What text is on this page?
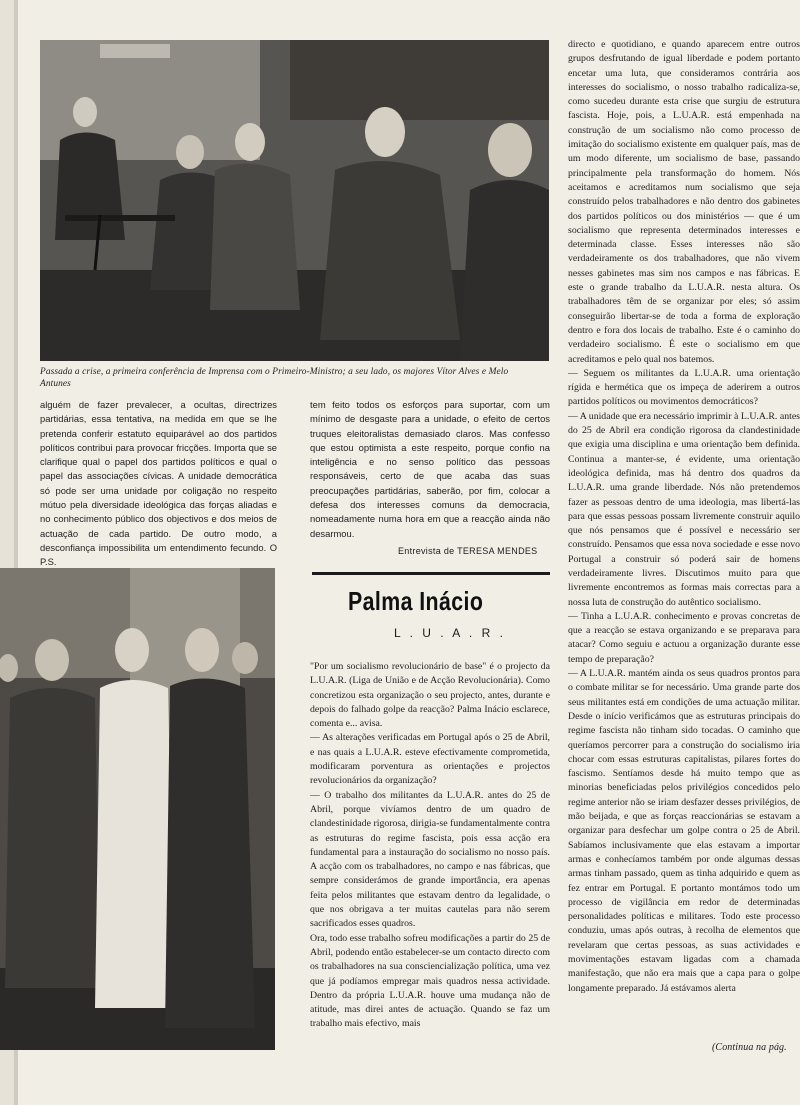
Passada a crise, a primeira conferência de Imprensa com o Primeiro-Ministro; a seu lado, os majores Vítor Alves e Melo Antunes
alguém de fazer prevalecer, a ocultas, directrizes partidárias, essa tentativa, na medida em que se lhe pretenda conferir estatuto equiparável ao dos partidos políticos contribui para provocar fricções. Importa que se clarifique qual o papel dos partidos políticos e qual o papel das associações cívicas. A unidade democrática só pode ser uma unidade por coligação no respeito mútuo pela diversidade ideológica das forças aliadas e no conhecimento público dos objectivos e dos meios de actuação de cada partido. De outro modo, a desconfiança impossibilita um entendimento fecundo. O P.S.
tem feito todos os esforços para suportar, com um mínimo de desgaste para a unidade, o efeito de certos truques eleitoralistas demasiado claros. Mas confesso que estou optimista a este respeito, porque confio na inteligência e no senso político das pessoas responsáveis, certo de que acaba das suas preocupações partidárias, saberão, por fim, colocar a defesa dos interesses comuns da democracia, nomeadamente numa hora em que a reacção ainda não desarmou.
Entrevista de TERESA MENDES
Palma Inácio
L . U . A . R .
"Por um socialismo revolucionário de base" é o projecto da L.U.A.R. (Liga de União e de Acção Revolucionária). Como concretizou esta organização o seu projecto, antes, durante e depois do falhado golpe da reacção? Palma Inácio esclarece, comenta e... avisa.
— As alterações verificadas em Portugal após o 25 de Abril, e nas quais a L.U.A.R. esteve efectivamente comprometida, modificaram porventura as orientações e projectos revolucionários da organização?
— O trabalho dos militantes da L.U.A.R. antes do 25 de Abril, porque vivíamos dentro de um quadro de clandestinidade rigorosa, dirigia-se fundamentalmente contra as estruturas do regime fascista, pois essa acção era fundamental para a instauração do socialismo no nosso país. A acção com os trabalhadores, no campo e nas fábricas, que sempre considerámos de grande importância, era apenas feita pelos militantes que estavam dentro da legalidade, o que nos obrigava a ter muitas cautelas para não serem sacrificados esses quadros.
Ora, todo esse trabalho sofreu modificações a partir do 25 de Abril, podendo então estabelecer-se um contacto directo com os trabalhadores na sua consciencialização política, uma vez que já podíamos empregar mais quadros nessa actividade. Dentro da própria L.U.A.R. houve uma mudança não de atitude, mas direi antes de actuação. Quando se faz um trabalho mais efectivo, mais
directo e quotidiano, e quando aparecem entre outros grupos desfrutando de igual liberdade e podem portanto encetar uma luta, que consideramos contrária aos interesses do socialismo, o nosso trabalho radicaliza-se, como sucedeu durante esta crise que surgiu de estrutura fascista. Hoje, pois, a L.U.A.R. está empenhada na construção de um socialismo não como processo de imitação do socialismo existente em qualquer país, mas de um modo diferente, um socialismo de base, passando principalmente pela transformação do homem. Nós aceitamos e acreditamos num socialismo que seja construído pelos trabalhadores e não dentro dos gabinetes dos partidos políticos ou dos ministérios — que é um socialismo que representa determinados interesses e determinada classe. Esses interesses não são verdadeiramente os dos trabalhadores, que não vivem nesses gabinetes mas sim nos campos e nas fábricas. E este o grande trabalho da L.U.A.R. nesta altura. Os trabalhadores têm de se organizar por eles; só assim conseguirão libertar-se de toda a forma de exploração dentro e fora dos locais de trabalho. Este é o caminho do verdadeiro socialismo. É este o socialismo em que acreditamos e pelo qual nos batemos.
— Seguem os militantes da L.U.A.R. uma orientação rígida e hermética que os impeça de aderirem a outros partidos políticos ou movimentos democráticos?
— A unidade que era necessário imprimir à L.U.A.R. antes do 25 de Abril era condição rigorosa da clandestinidade que exigia uma disciplina e uma orientação bem definida. Continua a manter-se, é evidente, uma orientação ideológica definida, mas há dentro dos quadros da L.U.A.R. uma grande liberdade. Nós não pretendemos fazer as pessoas dentro de uma ideologia, mas libertá-las para que essas pessoas possam livremente construir aquilo que nós pensamos que é possível e necessário ser construído. Pensamos que essa nova sociedade e esse novo Portugal a construir só poderá sair de homens verdadeiramente livres. Discutimos muito para que livremente encontremos as formas mais correctas para a nossa luta de construção do autêntico socialismo.
— Tinha a L.U.A.R. conhecimento e provas concretas de que a reacção se estava organizando e se preparava para atacar? Como seguiu e actuou a organização durante esse tempo de preparação?
— A L.U.A.R. mantém ainda os seus quadros prontos para o combate militar se for necessário. Uma grande parte dos seus militantes está em condições de uma actuação militar. Desde o início verificámos que as estruturas principais do regime fascista não tinham sido tocadas. O caminho que queríamos percorrer para a construção do socialismo iria chocar com essas estruturas capitalistas, pilares fortes do fascismo. Sentíamos desde há muito tempo que as minorias beneficiadas pelos privilégios concedidos pelo regime anterior não se iriam desfazer desses privilégios, de mão beijada, e que as forças reaccionárias se estavam a organizar para desfechar um golpe contra o 25 de Abril. Sabíamos inclusivamente que elas estavam a importar armas e conhecíamos também por onde algumas dessas armas tinham passado, quem as tinha adquirido e quem as fez entrar em Portugal. E portanto montámos todo um processo de vigilância em redor de determinadas personalidades políticas e militares. Todo este processo conduziu, umas após outras, à recolha de elementos que revelaram que certas pessoas, as suas actividades e movimentações estavam ligadas com a chamada manifestação, que não era mais que a capa para o golpe longamente preparado. Já estávamos alerta
(Continua na pág.
